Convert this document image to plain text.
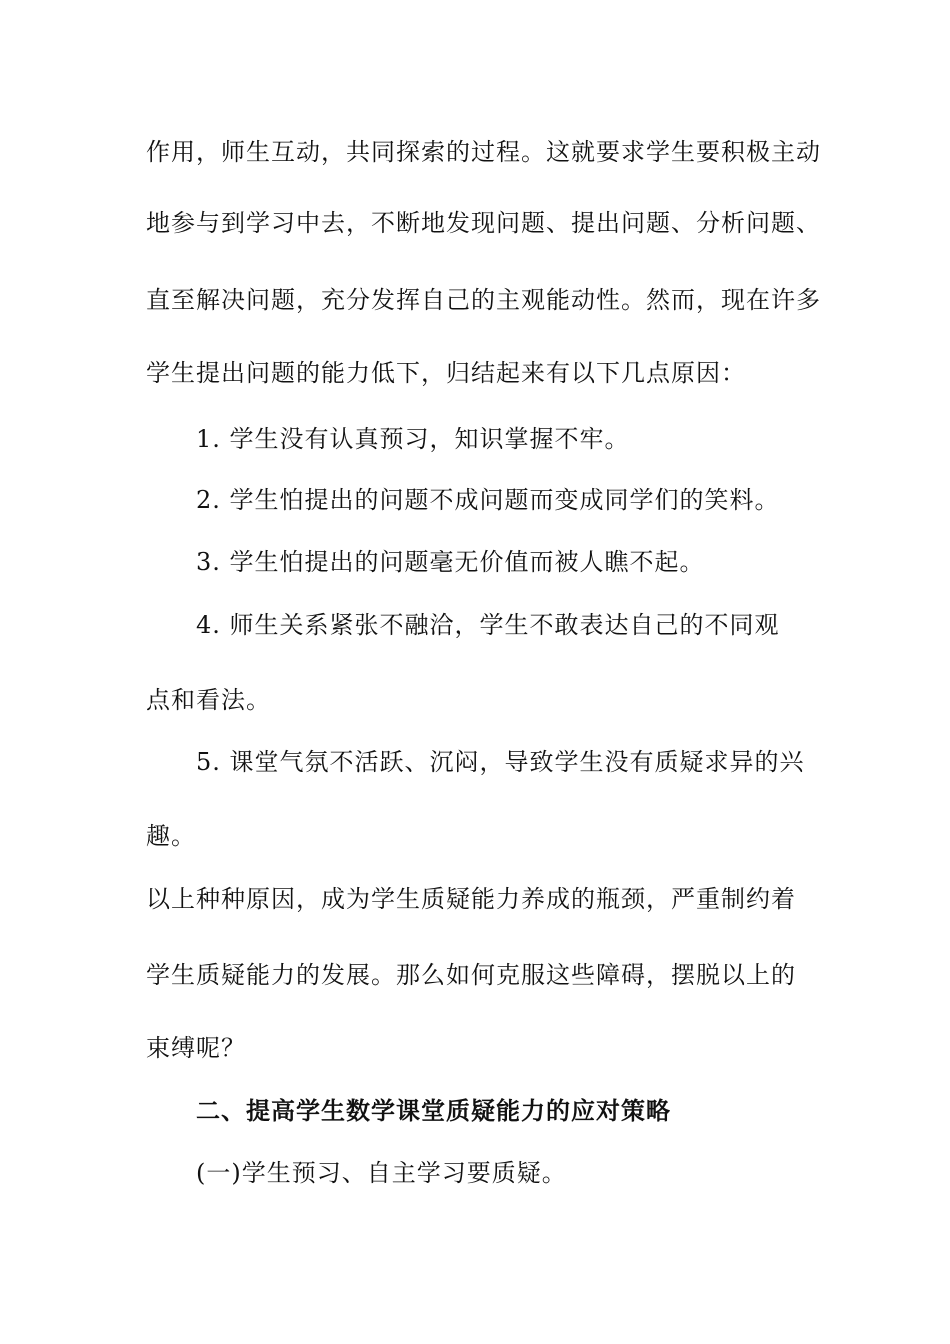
作用，师生互动，共同探索的过程。这就要求学生要积极主动
地参与到学习中去，不断地发现问题、提出问题、分析问题、
直至解决问题，充分发挥自己的主观能动性。然而，现在许多
学生提出问题的能力低下，归结起来有以下几点原因：
1. 学生没有认真预习，知识掌握不牢。
2. 学生怕提出的问题不成问题而变成同学们的笑料。
3. 学生怕提出的问题毫无价值而被人瞧不起。
4. 师生关系紧张不融洽，学生不敢表达自己的不同观
点和看法。
5. 课堂气氛不活跃、沉闷，导致学生没有质疑求异的兴
趣。
以上种种原因，成为学生质疑能力养成的瓶颈，严重制约着
学生质疑能力的发展。那么如何克服这些障碍，摆脱以上的
束缚呢？
二、提高学生数学课堂质疑能力的应对策略
(一)学生预习、自主学习要质疑。
